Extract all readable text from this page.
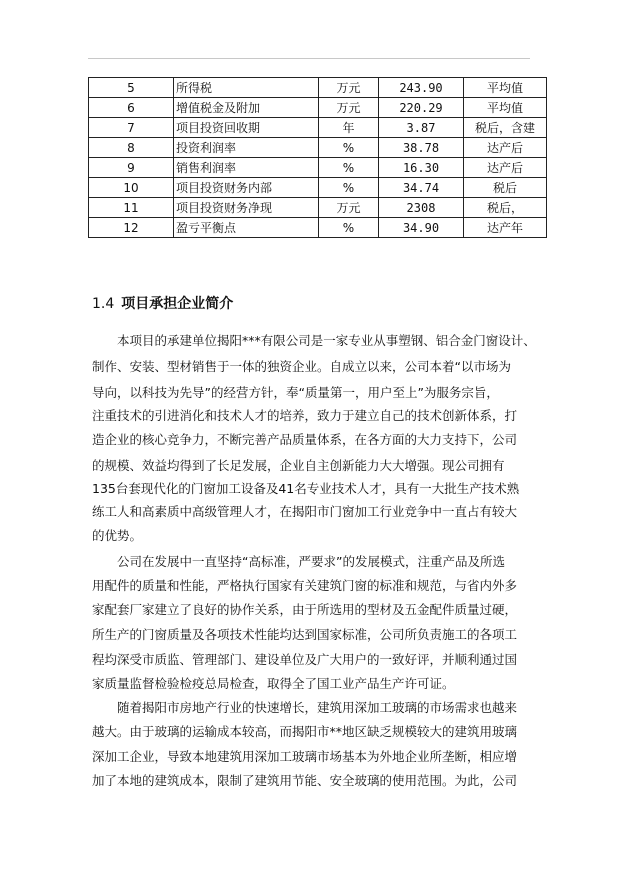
5	所得税	万元	243.90	平均值
6	增值税金及附加	万元	220.29	平均值
7	项目投资回收期	年	3.87	税后，含建
8	投资利润率	%	38.78	达产后
9	销售利润率	%	16.30	达产后
10	项目投资财务内部	%	34.74	税后
11	项目投资财务净现	万元	2308	税后，
12	盈亏平衡点	%	34.90	达产年
1.4 项目承担企业简介
本项目的承建单位揭阳***有限公司是一家专业从事塑钢、铝合金门窗设计、
制作、安装、型材销售于一体的独资企业。自成立以来，公司本着“以市场为
导向，以科技为先导”的经营方针，奉“质量第一，用户至上”为服务宗旨，
注重技术的引进消化和技术人才的培养，致力于建立自己的技术创新体系，打
造企业的核心竞争力，不断完善产品质量体系，在各方面的大力支持下，公司
的规模、效益均得到了长足发展，企业自主创新能力大大增强。现公司拥有
135台套现代化的门窗加工设备及41名专业技术人才，具有一大批生产技术熟
练工人和高素质中高级管理人才，在揭阳市门窗加工行业竞争中一直占有较大
的优势。
公司在发展中一直坚持“高标准，严要求”的发展模式，注重产品及所选
用配件的质量和性能，严格执行国家有关建筑门窗的标准和规范，与省内外多
家配套厂家建立了良好的协作关系，由于所选用的型材及五金配件质量过硬，
所生产的门窗质量及各项技术性能均达到国家标准，公司所负责施工的各项工
程均深受市质监、管理部门、建设单位及广大用户的一致好评，并顺利通过国
家质量监督检验检疫总局检查，取得全了国工业产品生产许可证。
随着揭阳市房地产行业的快速增长，建筑用深加工玻璃的市场需求也越来
越大。由于玻璃的运输成本较高，而揭阳市**地区缺乏规模较大的建筑用玻璃
深加工企业，导致本地建筑用深加工玻璃市场基本为外地企业所垄断，相应增
加了本地的建筑成本，限制了建筑用节能、安全玻璃的使用范围。为此，公司
